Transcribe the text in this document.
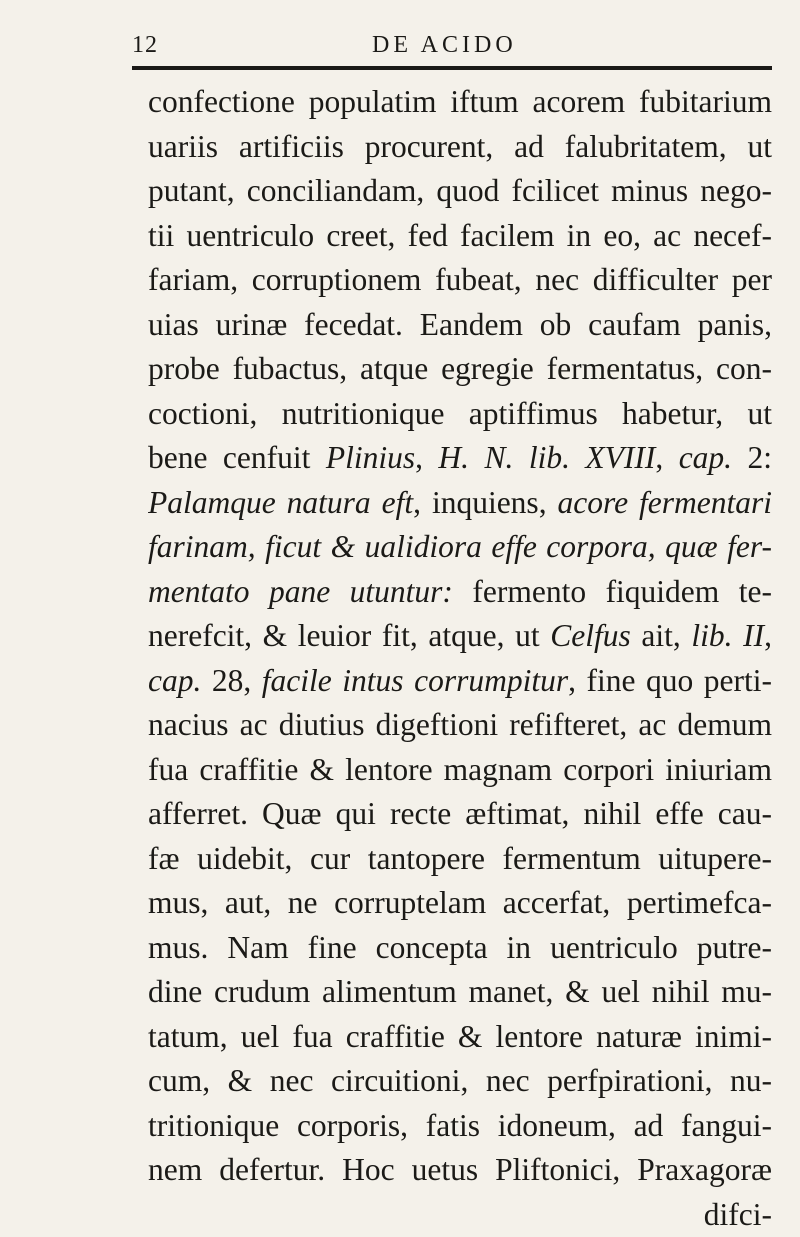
12	DE ACIDO
confectione populatim iftum acorem fubitarium
uariis artificiis procurent, ad falubritatem, ut
putant, conciliandam, quod fcilicet minus nego-
tii uentriculo creet, fed facilem in eo, ac necef-
fariam, corruptionem fubeat, nec difficulter per
uias urinæ fecedat. Eandem ob caufam panis,
probe fubactus, atque egregie fermentatus, con-
coctioni, nutritionique aptiffimus habetur, ut
bene cenfuit Plinius, H. N. lib. XVIII, cap. 2:
Palamque natura eft, inquiens, acore fermentari
farinam, ficut & ualidiora effe corpora, quæ fer-
mentato pane utuntur: fermento fiquidem te-
nerefcit, & leuior fit, atque, ut Celfus ait, lib. II,
cap. 28, facile intus corrumpitur, fine quo perti-
nacius ac diutius digeftioni refifteret, ac demum
fua craffitie & lentore magnam corpori iniuriam
afferret. Quæ qui recte æftimat, nihil effe cau-
fæ uidebit, cur tantopere fermentum uitupere-
mus, aut, ne corruptelam accerfat, pertimefca-
mus. Nam fine concepta in uentriculo putre-
dine crudum alimentum manet, & uel nihil mu-
tatum, uel fua craffitie & lentore naturæ inimi-
cum, & nec circuitioni, nec perfpirationi, nu-
tritionique corporis, fatis idoneum, ad fangui-
nem defertur. Hoc uetus Pliftonici, Praxagoræ
difci-
